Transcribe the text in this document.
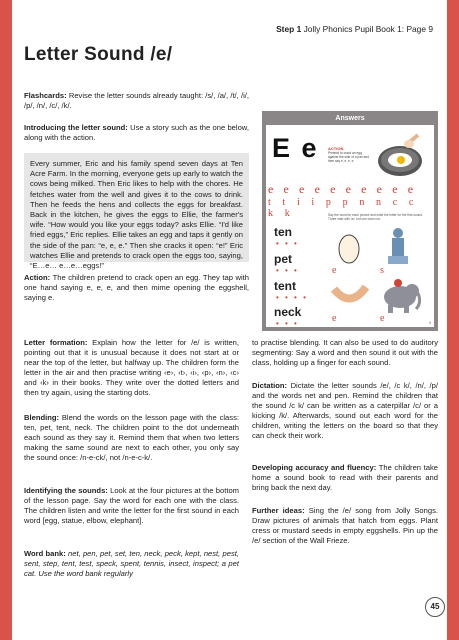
Step 1 Jolly Phonics Pupil Book 1: Page 9
Letter Sound /e/
Flashcards: Revise the letter sounds already taught: /s/, /a/, /t/, /i/, /p/, /n/, /c/, /k/.
Introducing the letter sound: Use a story such as the one below, along with the action.
Every summer, Eric and his family spend seven days at Ten Acre Farm. In the morning, everyone gets up early to watch the cows being milked. Then Eric likes to help with the chores. He fetches water from the well and gives it to the cows to drink. Then he feeds the hens and collects the eggs for breakfast. Back in the kitchen, he gives the eggs to Ellie, the farmer's wife. “How would you like your eggs today? asks Ellie. “I'd like fried eggs,” Eric replies. Ellie takes an egg and taps it gently on the side of the pan: “e, e, e.” Then she cracks it open: “e!” Eric watches Ellie and pretends to crack open the eggs too, saying, “E…e… e…e…eggs!”
Action: The children pretend to crack open an egg. They tap with one hand saying e, e, e, and then mime opening the eggshell, saying e.
Letter formation: Explain how the letter for /e/ is written, pointing out that it is unusual because it does not start at or near the top of the letter, but halfway up. The children form the letter in the air and then practise writing ‹e›, ‹t›, ‹i›, ‹p›, ‹n›, ‹c› and ‹k› in their books. They write over the dotted letters and then try again, using the starting dots.
Blending: Blend the words on the lesson page with the class: ten, pet, tent, neck. The children point to the dot underneath each sound as they say it. Remind them that when two letters making the same sound are next to each other, you only say the sound once: /n-e-ck/, not /n-e-c-k/.
Identifying the sounds: Look at the four pictures at the bottom of the lesson page. Say the word for each one with the class. The children listen and write the letter for the first sound in each word [egg, statue, elbow, elephant].
Word bank: net, pen, pet, set, ten, neck, peck, kept, nest, pest, sent, step, tent, test, speck, spent, tennis, insect, inspect; a pet cat. Use the word bank regularly
to practise blending. It can also be used to do auditory segmenting: Say a word and then sound it out with the class, holding up a finger for each sound.
Dictation: Dictate the letter sounds /e/, /c k/, /n/, /p/ and the words net and pen. Remind the children that the sound /c k/ can be written as a caterpillar /c/ or a kicking /k/. Afterwards, sound out each word for the children, writing the letters on the board so that they can check their work.
Developing accuracy and fluency: The children take home a sound book to read with their parents and bring back the next day.
Further ideas: Sing the /e/ song from Jolly Songs. Draw pictures of animals that hatch from eggs. Plant cress or mustard seeds in empty eggshells. Pin up the /e/ section of the Wall Frieze.
Answers
E e ACTION
Pretend to crack an egg against the side of a pan and then say e, e, e, e.
e e e e e e e e e e
t t i i p p n n c c k k	Say the word for each picture and write the letter for the first sound. Three start with /e/, but one does not.
ten
• • •
pet
• • •
tent
• • • •
neck
• • •
e	s
e	e	9
45
